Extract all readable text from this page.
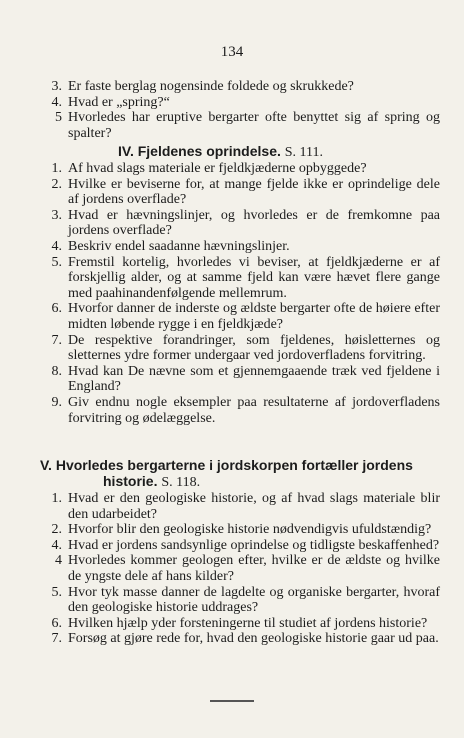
134
3. Er faste berglag nogensinde foldede og skrukkede?
4. Hvad er „spring?“
5 Hvorledes har eruptive bergarter ofte benyttet sig af spring og spalter?
IV. Fjeldenes oprindelse. S. 111.
1. Af hvad slags materiale er fjeldkjæderne opbyggede?
2. Hvilke er beviserne for, at mange fjelde ikke er oprindelige dele af jordens overflade?
3. Hvad er hævningslinjer, og hvorledes er de fremkomne paa jordens overflade?
4. Beskriv endel saadanne hævningslinjer.
5. Fremstil kortelig, hvorledes vi beviser, at fjeldkjæderne er af forskjellig alder, og at samme fjeld kan være hævet flere gange med paahinandenfølgende mellemrum.
6. Hvorfor danner de inderste og ældste bergarter ofte de høiere efter midten løbende rygge i en fjeldkjæde?
7. De respektive forandringer, som fjeldenes, høisletternes og sletternes ydre former undergaar ved jordoverfladens forvitring.
8. Hvad kan De nævne som et gjennemgaaende træk ved fjeldene i England?
9. Giv endnu nogle eksempler paa resultaterne af jordoverfladens forvitring og ødelæggelse.
V. Hvorledes bergarterne i jordskorpen fortæller jordens
historie. S. 118.
1. Hvad er den geologiske historie, og af hvad slags materiale blir den udarbeidet?
2. Hvorfor blir den geologiske historie nødvendigvis ufuldstændig?
4. Hvad er jordens sandsynlige oprindelse og tidligste beskaffenhed?
4 Hvorledes kommer geologen efter, hvilke er de ældste og hvilke de yngste dele af hans kilder?
5. Hvor tyk masse danner de lagdelte og organiske bergarter, hvoraf den geologiske historie uddrages?
6. Hvilken hjælp yder forsteningerne til studiet af jordens historie?
7. Forsøg at gjøre rede for, hvad den geologiske historie gaar ud paa.
